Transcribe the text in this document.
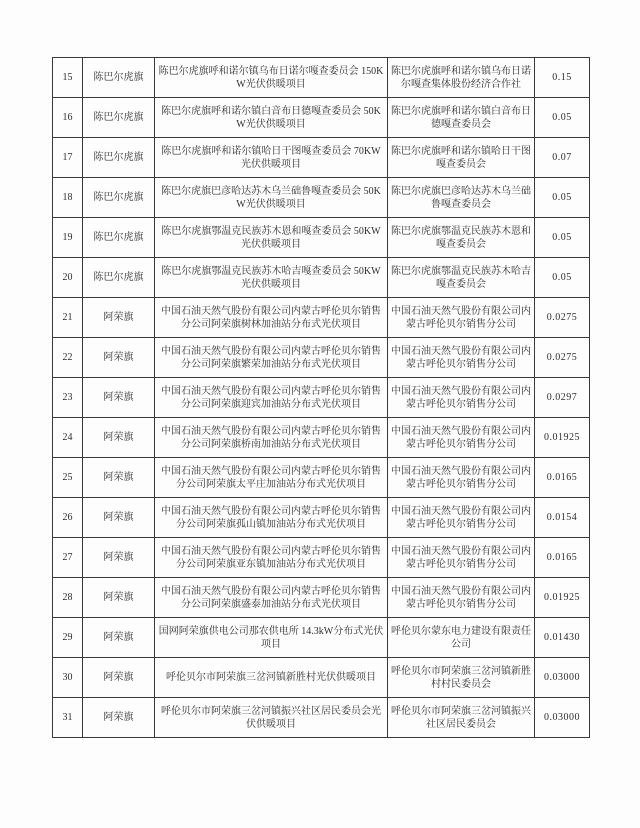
15	陈巴尔虎旗	陈巴尔虎旗呼和诺尔镇乌布日诺尔嘎查委员会 150KW光伏供暖项目	陈巴尔虎旗呼和诺尔镇乌布日诺尔嘎查集体股份经济合作社	0.15
16	陈巴尔虎旗	陈巴尔虎旗呼和诺尔镇白音布日德嘎查委员会 50KW光伏供暖项目	陈巴尔虎旗呼和诺尔镇白音布日德嘎查委员会	0.05
17	陈巴尔虎旗	陈巴尔虎旗呼和诺尔镇哈日干图嘎查委员会 70KW光伏供暖项目	陈巴尔虎旗呼和诺尔镇哈日干图嘎查委员会	0.07
18	陈巴尔虎旗	陈巴尔虎旗巴彦哈达苏木乌兰础鲁嘎查委员会 50KW光伏供暖项目	陈巴尔虎旗巴彦哈达苏木乌兰础鲁嘎查委员会	0.05
19	陈巴尔虎旗	陈巴尔虎旗鄂温克民族苏木恩和嘎查委员会 50KW光伏供暖项目	陈巴尔虎旗鄂温克民族苏木恩和嘎查委员会	0.05
20	陈巴尔虎旗	陈巴尔虎旗鄂温克民族苏木哈吉嘎查委员会 50KW光伏供暖项目	陈巴尔虎旗鄂温克民族苏木哈吉嘎查委员会	0.05
21	阿荣旗	中国石油天然气股份有限公司内蒙古呼伦贝尔销售分公司阿荣旗树林加油站分布式光伏项目	中国石油天然气股份有限公司内蒙古呼伦贝尔销售分公司	0.0275
22	阿荣旗	中国石油天然气股份有限公司内蒙古呼伦贝尔销售分公司阿荣旗繁荣加油站分布式光伏项目	中国石油天然气股份有限公司内蒙古呼伦贝尔销售分公司	0.0275
23	阿荣旗	中国石油天然气股份有限公司内蒙古呼伦贝尔销售分公司阿荣旗迎宾加油站分布式光伏项目	中国石油天然气股份有限公司内蒙古呼伦贝尔销售分公司	0.0297
24	阿荣旗	中国石油天然气股份有限公司内蒙古呼伦贝尔销售分公司阿荣旗桥南加油站分布式光伏项目	中国石油天然气股份有限公司内蒙古呼伦贝尔销售分公司	0.01925
25	阿荣旗	中国石油天然气股份有限公司内蒙古呼伦贝尔销售分公司阿荣旗太平庄加油站分布式光伏项目	中国石油天然气股份有限公司内蒙古呼伦贝尔销售分公司	0.0165
26	阿荣旗	中国石油天然气股份有限公司内蒙古呼伦贝尔销售分公司阿荣旗孤山镇加油站分布式光伏项目	中国石油天然气股份有限公司内蒙古呼伦贝尔销售分公司	0.0154
27	阿荣旗	中国石油天然气股份有限公司内蒙古呼伦贝尔销售分公司阿荣旗亚东镇加油站分布式光伏项目	中国石油天然气股份有限公司内蒙古呼伦贝尔销售分公司	0.0165
28	阿荣旗	中国石油天然气股份有限公司内蒙古呼伦贝尔销售分公司阿荣旗盛泰加油站分布式光伏项目	中国石油天然气股份有限公司内蒙古呼伦贝尔销售分公司	0.01925
29	阿荣旗	国网阿荣旗供电公司那农供电所 14.3kW分布式光伏项目	呼伦贝尔蒙东电力建设有限责任公司	0.01430
30	阿荣旗	呼伦贝尔市阿荣旗三岔河镇新胜村光伏供暖项目	呼伦贝尔市阿荣旗三岔河镇新胜村村民委员会	0.03000
31	阿荣旗	呼伦贝尔市阿荣旗三岔河镇振兴社区居民委员会光伏供暖项目	呼伦贝尔市阿荣旗三岔河镇振兴社区居民委员会	0.03000
